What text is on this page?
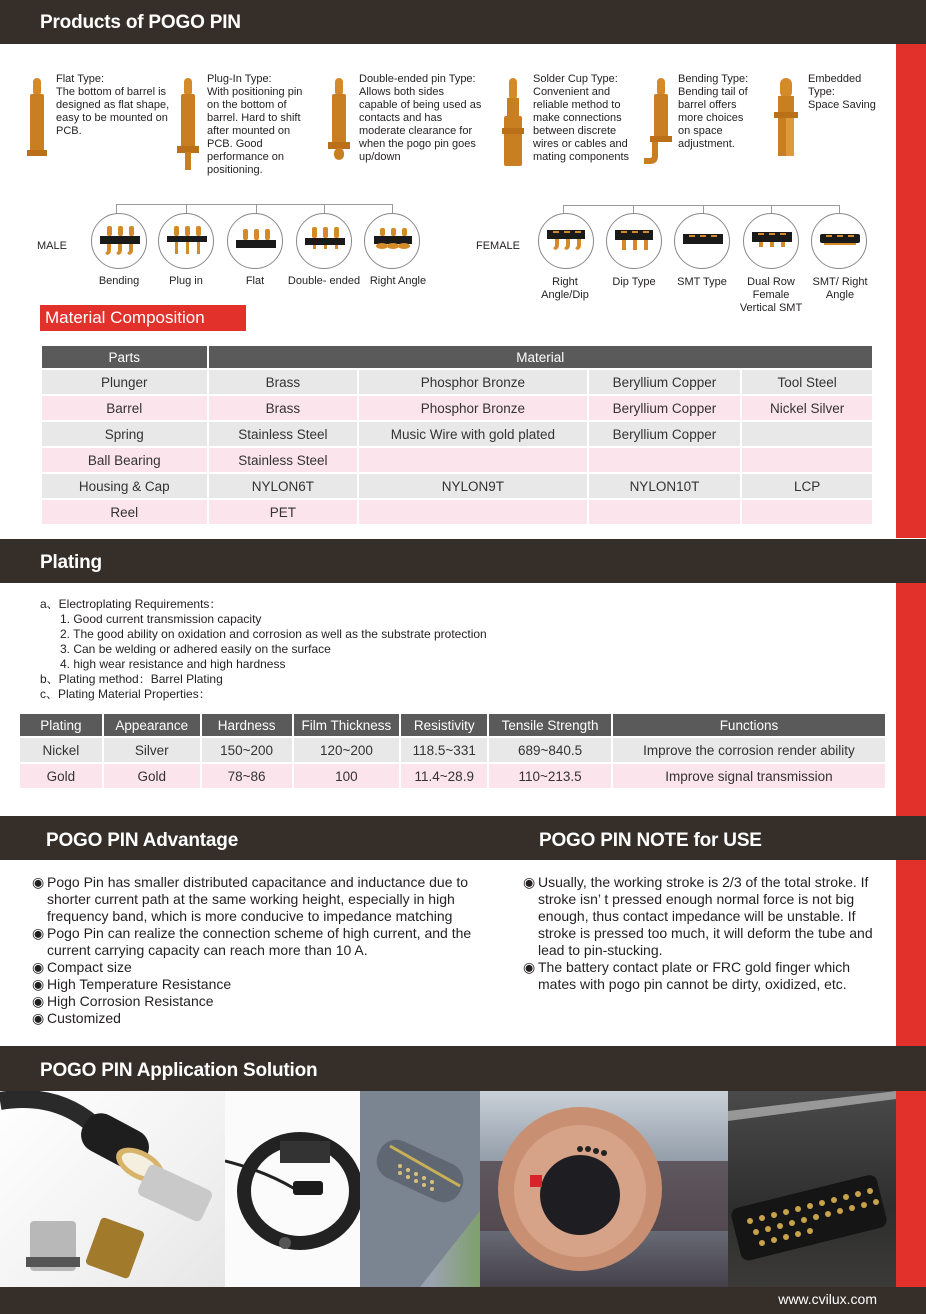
Products of POGO PIN
Flat Type:
The bottom of barrel is designed as flat shape, easy to be mounted on PCB.
Plug-In Type:
With positioning pin on the bottom of barrel. Hard to shift after mounted on PCB. Good performance on positioning.
Double-ended pin Type:
Allows both sides capable of being used as contacts and has moderate clearance for when the pogo pin goes up/down
Solder Cup Type:
Convenient and reliable method to make connections between discrete wires or cables and mating components
Bending Type:
Bending tail of barrel offers more choices on space adjustment.
Embedded Type:
Space Saving
MALE
Bending	Plug in	Flat	Double- ended Right Angle
FEMALE
Right Angle/Dip
Dip Type	SMT Type	Dual Row Female Vertical SMT
SMT/ Right Angle
Material Composition
Parts	Material			
Plunger	Brass	Phosphor Bronze	Beryllium Copper	Tool Steel
Barrel	Brass	Phosphor Bronze	Beryllium Copper	Nickel Silver
Spring	Stainless Steel	Music Wire with gold plated	Beryllium Copper	
Ball Bearing	Stainless Steel			
Housing & Cap	NYLON6T	NYLON9T	NYLON10T	LCP
Reel	PET			
Plating
a、Electroplating Requirements：
1. Good current transmission capacity
2. The good ability on oxidation and corrosion as well as the substrate protection
3. Can be welding or adhered easily on the surface
4. high wear resistance and high hardness
b、Plating method：Barrel Plating
c、Plating Material Properties：
Plating	Appearance	Hardness	Film Thickness	Resistivity	Tensile Strength	Functions
Nickel	Silver	150~200	120~200	118.5~331	689~840.5	Improve the corrosion render ability
Gold	Gold	78~86	100	11.4~28.9	110~213.5	Improve signal transmission
POGO PIN Advantage	POGO PIN NOTE for USE
◉ Pogo Pin has smaller distributed capacitance and inductance due to shorter current path at the same working height, especially in high frequency band, which is more conducive to impedance matching
◉ Pogo Pin can realize the connection scheme of high current, and the current carrying capacity can reach more than 10 A.
◉ Compact size
◉ High Temperature Resistance
◉ High Corrosion Resistance
◉ Customized
◉ Usually, the working stroke is 2/3 of the total stroke. If stroke isn’ t pressed enough normal force is not big enough, thus contact impedance will be unstable. If stroke is pressed too much, it will deform the tube and lead to pin-stucking.
◉ The battery contact plate or FRC gold finger which mates with pogo pin cannot be dirty, oxidized, etc.
POGO PIN Application Solution
www.cvilux.com
